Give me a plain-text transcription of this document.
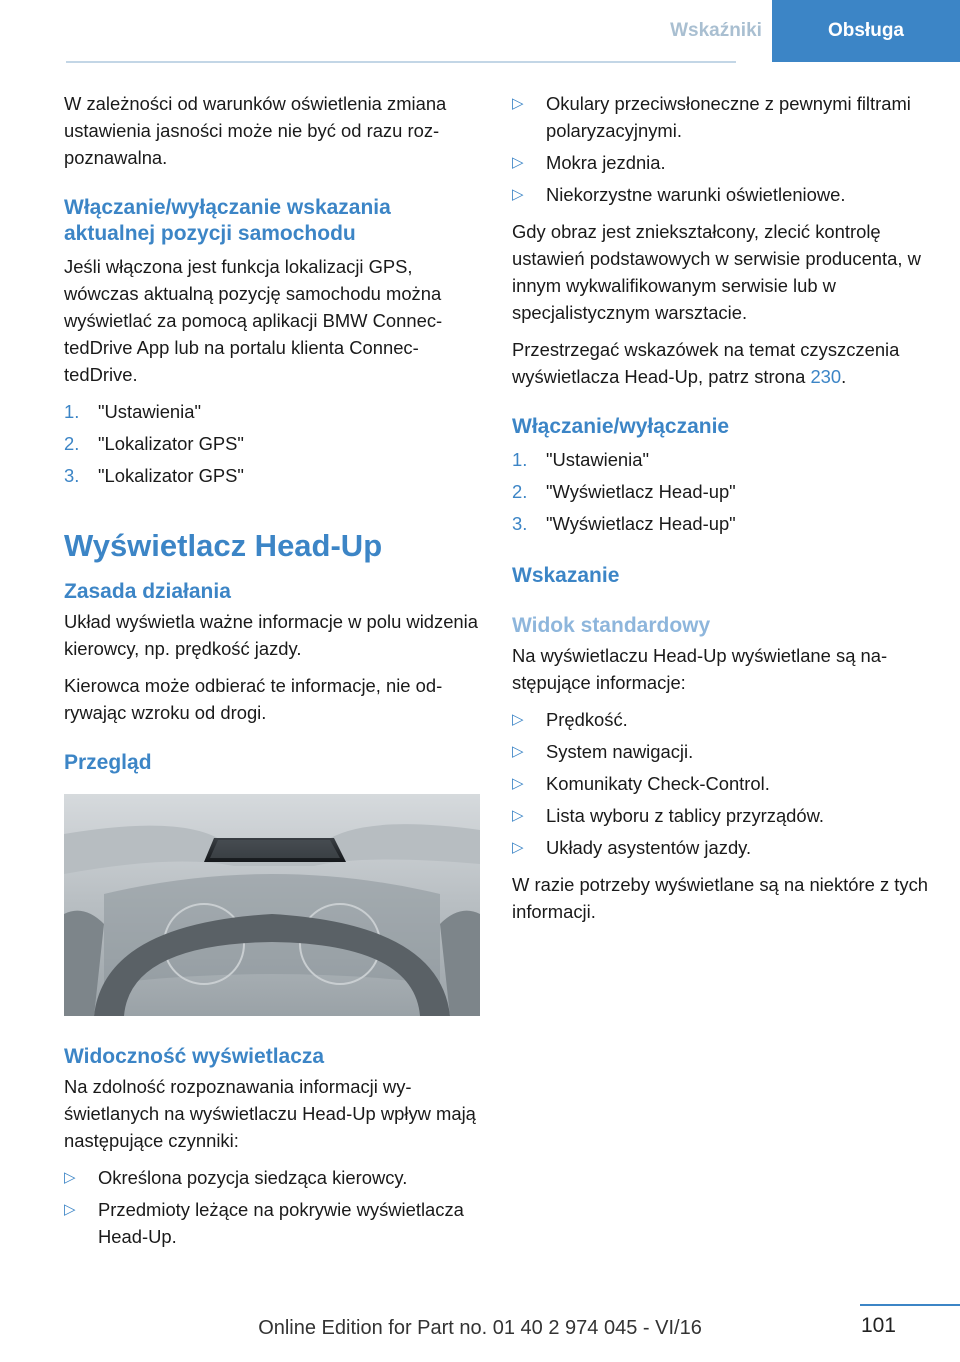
Wskaźniki	Obsługa

W zależności od warunków oświetlenia zmiana ustawienia jasności może nie być od razu rozpoznawalna.

Włączanie/wyłączanie wskazania aktualnej pozycji samochodu

Jeśli włączona jest funkcja lokalizacji GPS, wówczas aktualną pozycję samochodu można wyświetlać za pomocą aplikacji BMW ConnectedDrive App lub na portalu klienta ConnectedDrive.

1.	"Ustawienia"
2.	"Lokalizator GPS"
3.	"Lokalizator GPS"
Wyświetlacz Head-Up
Zasada działania

Układ wyświetla ważne informacje w polu widzenia kierowcy, np. prędkość jazdy.

Kierowca może odbierać te informacje, nie odrywając wzroku od drogi.

Przegląd
Widoczność wyświetlacza

Na zdolność rozpoznawania informacji wyświetlanych na wyświetlaczu Head-Up wpływ mają następujące czynniki:

▷	Określona pozycja siedząca kierowcy.
▷	Przedmioty leżące na pokrywie wyświetlacza Head-Up.
▷	Okulary przeciwsłoneczne z pewnymi filtrami polaryzacyjnymi.
▷	Mokra jezdnia.
▷	Niekorzystne warunki oświetleniowe.

Gdy obraz jest zniekształcony, zlecić kontrolę ustawień podstawowych w serwisie producenta, w innym wykwalifikowanym serwisie lub w specjalistycznym warsztacie.

Przestrzegać wskazówek na temat czyszczenia wyświetlacza Head-Up, patrz strona 230.

Włączanie/wyłączanie
1.	"Ustawienia"
2.	"Wyświetlacz Head-up"
3.	"Wyświetlacz Head-up"
Wskazanie
Widok standardowy

Na wyświetlaczu Head-Up wyświetlane są następujące informacje:

▷	Prędkość.
▷	System nawigacji.
▷	Komunikaty Check-Control.
▷	Lista wyboru z tablicy przyrządów.
▷	Układy asystentów jazdy.

W razie potrzeby wyświetlane są na niektóre z tych informacji.

101
Online Edition for Part no. 01 40 2 974 045 - VI/16
